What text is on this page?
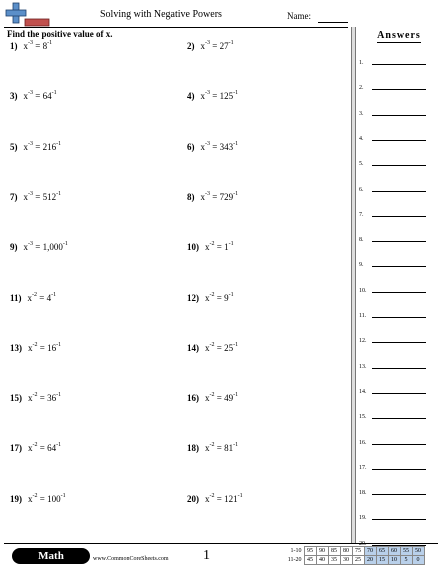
Solving with Negative Powers	Name:
Find the positive value of x.
1) $x^{-3} = 8^{-1}$	2) $x^{-3} = 27^{-1}$
3) $x^{-3} = 64^{-1}$	4) $x^{-3} = 125^{-1}$
5) $x^{-3} = 216^{-1}$	6) $x^{-3} = 343^{-1}$
7) $x^{-3} = 512^{-1}$	8) $x^{-3} = 729^{-1}$
9) $x^{-3} = 1,000^{-1}$	10) $x^{-2} = 1^{-1}$
11) $x^{-2} = 4^{-1}$	12) $x^{-2} = 9^{-1}$
13) $x^{-2} = 16^{-1}$	14) $x^{-2} = 25^{-1}$
15) $x^{-2} = 36^{-1}$	16) $x^{-2} = 49^{-1}$
17) $x^{-2} = 64^{-1}$	18) $x^{-2} = 81^{-1}$
19) $x^{-2} = 100^{-1}$	20) $x^{-2} = 121^{-1}$
Answers
1.
2.
3.
4.
5.
6.
7.
8.
9.
10.
11.
12.
13.
14.
15.
16.
17.
18.
19.
20.
Math	www.CommonCoreSheets.com 1	1-10	95	90	85	80	75	70	65	60	55	50
11-20	45	40	35	30	25	20	15	10	5	0
